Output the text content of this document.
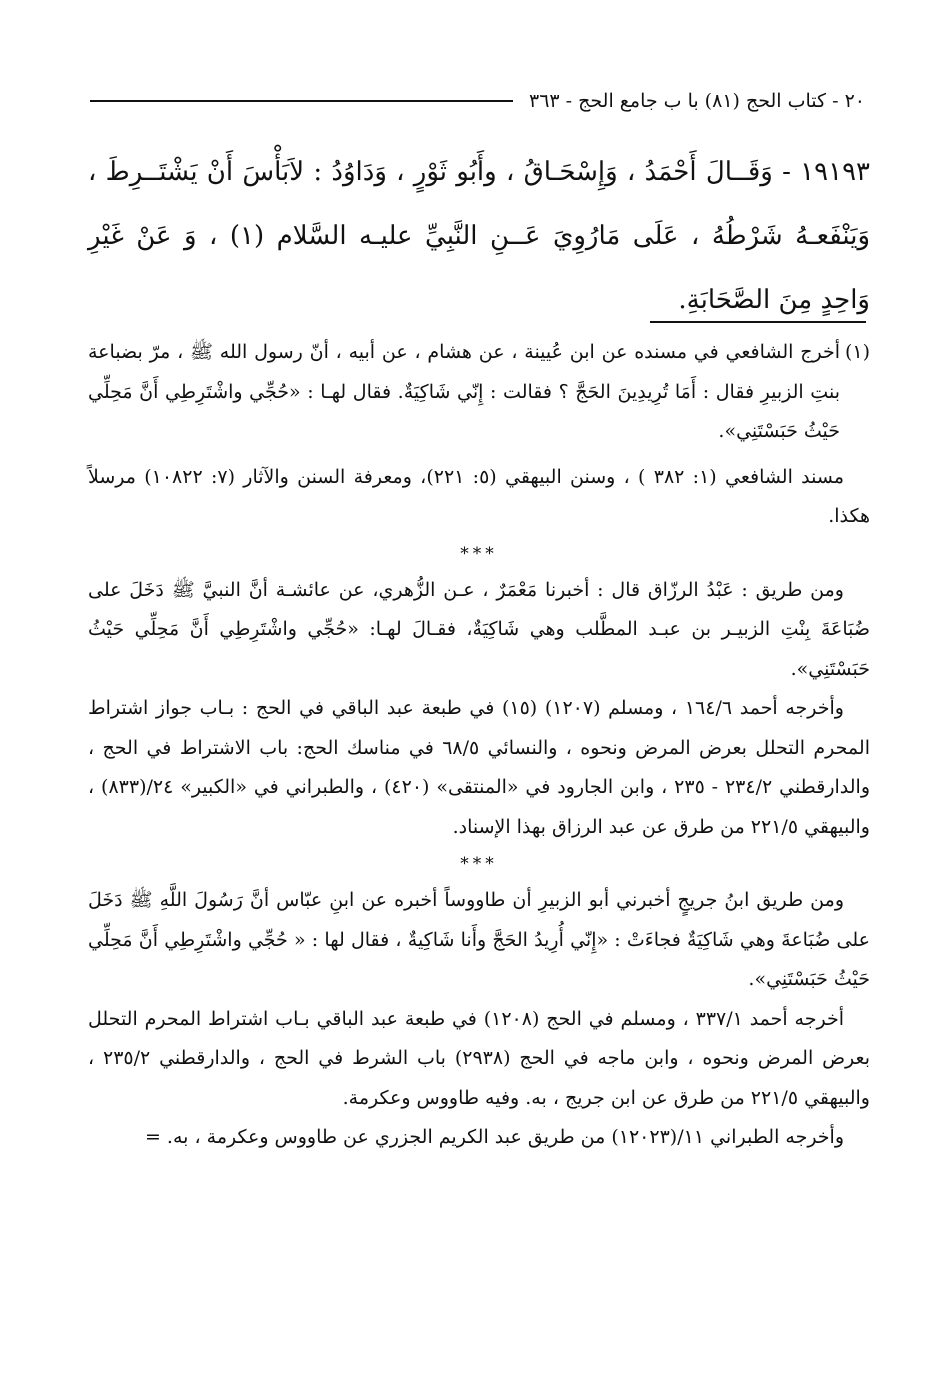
٢٠ - كتاب الحج (٨١) با ب جامع الحج - ٣٦٣
١٩١٩٣ - وَقَــالَ أَحْمَدُ ، وَإِسْحَـاقُ ، وأَبُو ثَوْرٍ ، وَدَاوُدُ : لاَبَأْسَ أَنْ يَشْتَــرِطَ ، وَيَنْفَعـهُ شَرْطُهُ ، عَلَى مَارُوِيَ عَــنِ النَّبِيِّ عليـه السَّلام (١) ، وَ عَنْ غَيْرِ وَاحِدٍ مِنَ الصَّحَابَةِ.

(١)
أخرج الشافعي في مسنده عن ابن عُيينة ، عن هشام ، عن أبيه ، أنّ رسول الله ﷺ ، مرّ بضباعة بنتِ الزبيرِ فقال : أَمَا تُرِيدِينَ الحَجَّ ؟ فقالت : إِنّي شَاكِيَةٌ. فقال لهـا : «حُجِّي واشْتَرِطِي أَنَّ مَحِلِّي حَيْثُ حَبَسْتَنِي».

مسند الشافعي (١: ٣٨٢ ) ، وسنن البيهقي (٥: ٢٢١)، ومعرفة السنن والآثار (٧: ١٠٨٢٢) مرسلاً هكذا.

***

ومن طريق : عَبْدُ الرزّاق قال : أخبرنا مَعْمَرٌ ، عـن الزُّهري، عن عائشـة أنَّ النبيَّ ﷺ دَخَلَ على ضُبَاعَةَ بِنْتِ الزبيـر بن عبـد المطَّلب وهي شَاكِيَةٌ، فقـالَ لهـا: «حُجِّي واشْتَرِطِي أَنَّ مَحِلِّي حَيْثُ حَبَسْتَنِي».

وأخرجه أحمد ١٦٤/٦ ، ومسلم (١٢٠٧) (١٥) في طبعة عبد الباقي في الحج : بـاب جواز اشتراط المحرم التحلل بعرض المرض ونحوه ، والنسائي ٦٨/٥ في مناسك الحج: باب الاشتراط في الحج ، والدارقطني ٢٣٤/٢ - ٢٣٥ ، وابن الجارود في «المنتقى» (٤٢٠) ، والطبراني في «الكبير» ٢٤/(٨٣٣) ، والبيهقي ٢٢١/٥ من طرق عن عبد الرزاق بهذا الإسناد.

***

ومن طريق ابنُ جريجٍ أخبرني أبو الزبيرِ أن طاووساً أخبره عن ابنِ عبّاس أنَّ رَسُولَ اللَّهِ ﷺ دَخَلَ على ضُبَاعةَ وهي شَاكِيَةٌ فجاءَتْ : «إِنّي أُرِيدُ الحَجَّ وأَنا شَاكِيةٌ ، فقال لها : « حُجِّي واشْتَرِطِي أَنَّ مَحِلِّي حَيْثُ حَبَسْتَنِي».

أخرجه أحمد ٣٣٧/١ ، ومسلم في الحج (١٢٠٨) في طبعة عبد الباقي بـاب اشتراط المحرم التحلل بعرض المرض ونحوه ، وابن ماجه في الحج (٢٩٣٨) باب الشرط في الحج ، والدارقطني ٢٣٥/٢ ، والبيهقي ٢٢١/٥ من طرق عن ابن جريج ، به. وفيه طاووس وعكرمة.

وأخرجه الطبراني ١١/(١٢٠٢٣) من طريق عبد الكريم الجزري عن طاووس وعكرمة ، به. =
